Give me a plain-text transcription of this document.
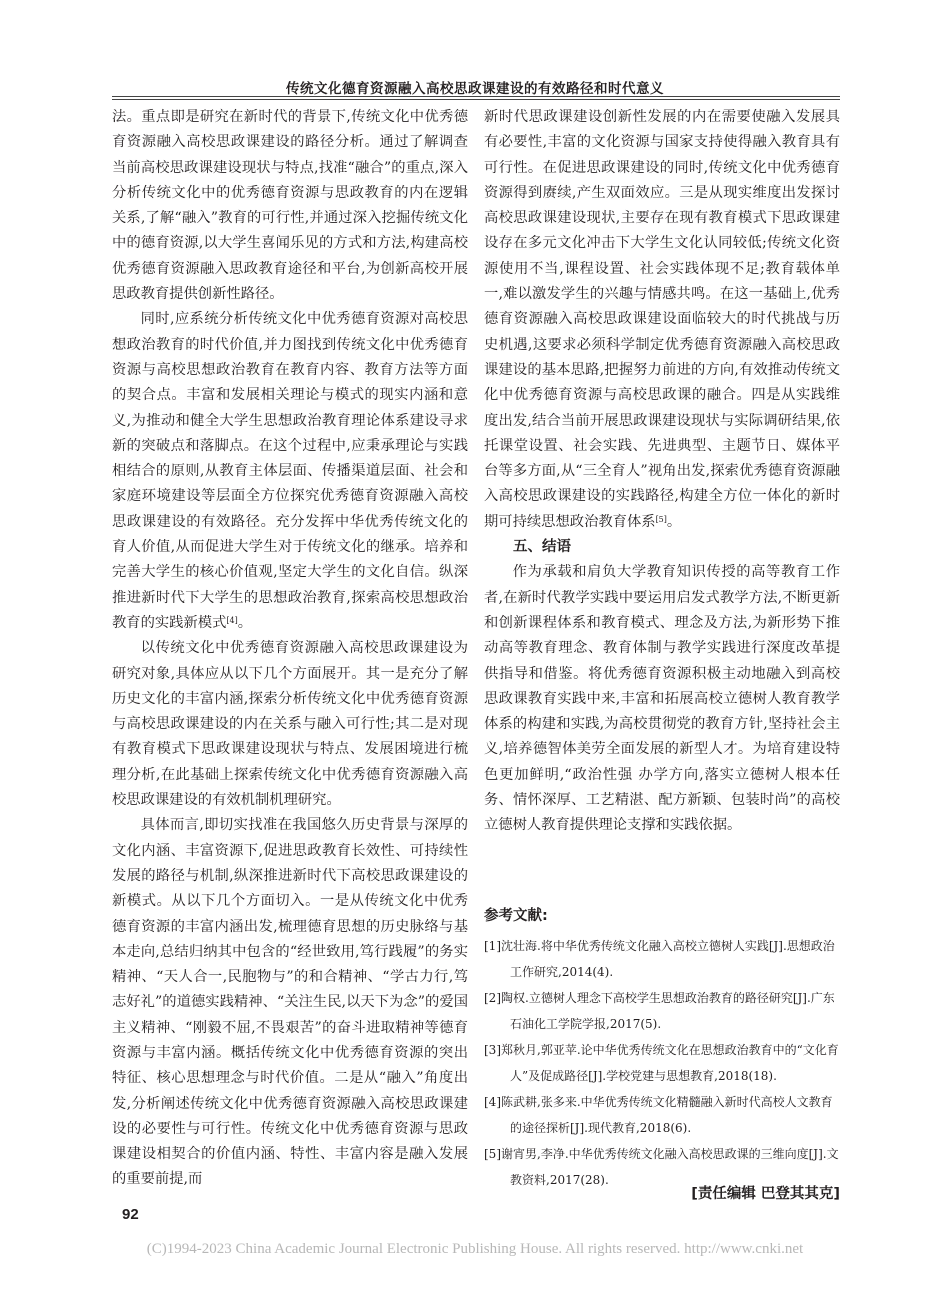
传统文化德育资源融入高校思政课建设的有效路径和时代意义

法。重点即是研究在新时代的背景下,传统文化中优秀德育资源融入高校思政课建设的路径分析。通过了解调查当前高校思政课建设现状与特点,找准“融合”的重点,深入分析传统文化中的优秀德育资源与思政教育的内在逻辑关系,了解“融入”教育的可行性,并通过深入挖掘传统文化中的德育资源,以大学生喜闻乐见的方式和方法,构建高校优秀德育资源融入思政教育途径和平台,为创新高校开展思政教育提供创新性路径。

同时,应系统分析传统文化中优秀德育资源对高校思想政治教育的时代价值,并力图找到传统文化中优秀德育资源与高校思想政治教育在教育内容、教育方法等方面的契合点。丰富和发展相关理论与模式的现实内涵和意义,为推动和健全大学生思想政治教育理论体系建设寻求新的突破点和落脚点。在这个过程中,应秉承理论与实践相结合的原则,从教育主体层面、传播渠道层面、社会和家庭环境建设等层面全方位探究优秀德育资源融入高校思政课建设的有效路径。充分发挥中华优秀传统文化的育人价值,从而促进大学生对于传统文化的继承。培养和完善大学生的核心价值观,坚定大学生的文化自信。纵深推进新时代下大学生的思想政治教育,探索高校思想政治教育的实践新模式[4]。

以传统文化中优秀德育资源融入高校思政课建设为研究对象,具体应从以下几个方面展开。其一是充分了解历史文化的丰富内涵,探索分析传统文化中优秀德育资源与高校思政课建设的内在关系与融入可行性;其二是对现有教育模式下思政课建设现状与特点、发展困境进行梳理分析,在此基础上探索传统文化中优秀德育资源融入高校思政课建设的有效机制机理研究。

具体而言,即切实找准在我国悠久历史背景与深厚的文化内涵、丰富资源下,促进思政教育长效性、可持续性发展的路径与机制,纵深推进新时代下高校思政课建设的新模式。从以下几个方面切入。一是从传统文化中优秀德育资源的丰富内涵出发,梳理德育思想的历史脉络与基本走向,总结归纳其中包含的“经世致用,笃行践履”的务实精神、“天人合一,民胞物与”的和合精神、“学古力行,笃志好礼”的道德实践精神、“关注生民,以天下为念”的爱国主义精神、“刚毅不屈,不畏艰苦”的奋斗进取精神等德育资源与丰富内涵。概括传统文化中优秀德育资源的突出特征、核心思想理念与时代价值。二是从“融入”角度出发,分析阐述传统文化中优秀德育资源融入高校思政课建设的必要性与可行性。传统文化中优秀德育资源与思政课建设相契合的价值内涵、特性、丰富内容是融入发展的重要前提,而

新时代思政课建设创新性发展的内在需要使融入发展具有必要性,丰富的文化资源与国家支持使得融入教育具有可行性。在促进思政课建设的同时,传统文化中优秀德育资源得到赓续,产生双面效应。三是从现实维度出发探讨高校思政课建设现状,主要存在现有教育模式下思政课建设存在多元文化冲击下大学生文化认同较低;传统文化资源使用不当,课程设置、社会实践体现不足;教育载体单一,难以激发学生的兴趣与情感共鸣。在这一基础上,优秀德育资源融入高校思政课建设面临较大的时代挑战与历史机遇,这要求必须科学制定优秀德育资源融入高校思政课建设的基本思路,把握努力前进的方向,有效推动传统文化中优秀德育资源与高校思政课的融合。四是从实践维度出发,结合当前开展思政课建设现状与实际调研结果,依托课堂设置、社会实践、先进典型、主题节日、媒体平台等多方面,从“三全育人”视角出发,探索优秀德育资源融入高校思政课建设的实践路径,构建全方位一体化的新时期可持续思想政治教育体系[5]。

五、结语

作为承载和肩负大学教育知识传授的高等教育工作者,在新时代教学实践中要运用启发式教学方法,不断更新和创新课程体系和教育模式、理念及方法,为新形势下推动高等教育理念、教育体制与教学实践进行深度改革提供指导和借鉴。将优秀德育资源积极主动地融入到高校思政课教育实践中来,丰富和拓展高校立德树人教育教学体系的构建和实践,为高校贯彻党的教育方针,坚持社会主义,培养德智体美劳全面发展的新型人才。为培育建设特色更加鲜明,“政治性强 办学方向,落实立德树人根本任务、情怀深厚、工艺精湛、配方新颖、包装时尚”的高校立德树人教育提供理论支撑和实践依据。

参考文献:

[1]沈壮海.将中华优秀传统文化融入高校立德树人实践[J].思想政治工作研究,2014(4).
[2]陶权.立德树人理念下高校学生思想政治教育的路径研究[J].广东石油化工学院学报,2017(5).
[3]郑秋月,郭亚苹.论中华优秀传统文化在思想政治教育中的“文化育人”及促成路径[J].学校党建与思想教育,2018(18).
[4]陈武耕,张多来.中华优秀传统文化精髓融入新时代高校人文教育的途径探析[J].现代教育,2018(6).
[5]谢宵男,李净.中华优秀传统文化融入高校思政课的三维向度[J].文教资料,2017(28).
[责任编辑 巴登其其克]
92
(C)1994-2023 China Academic Journal Electronic Publishing House. All rights reserved. http://www.cnki.net
